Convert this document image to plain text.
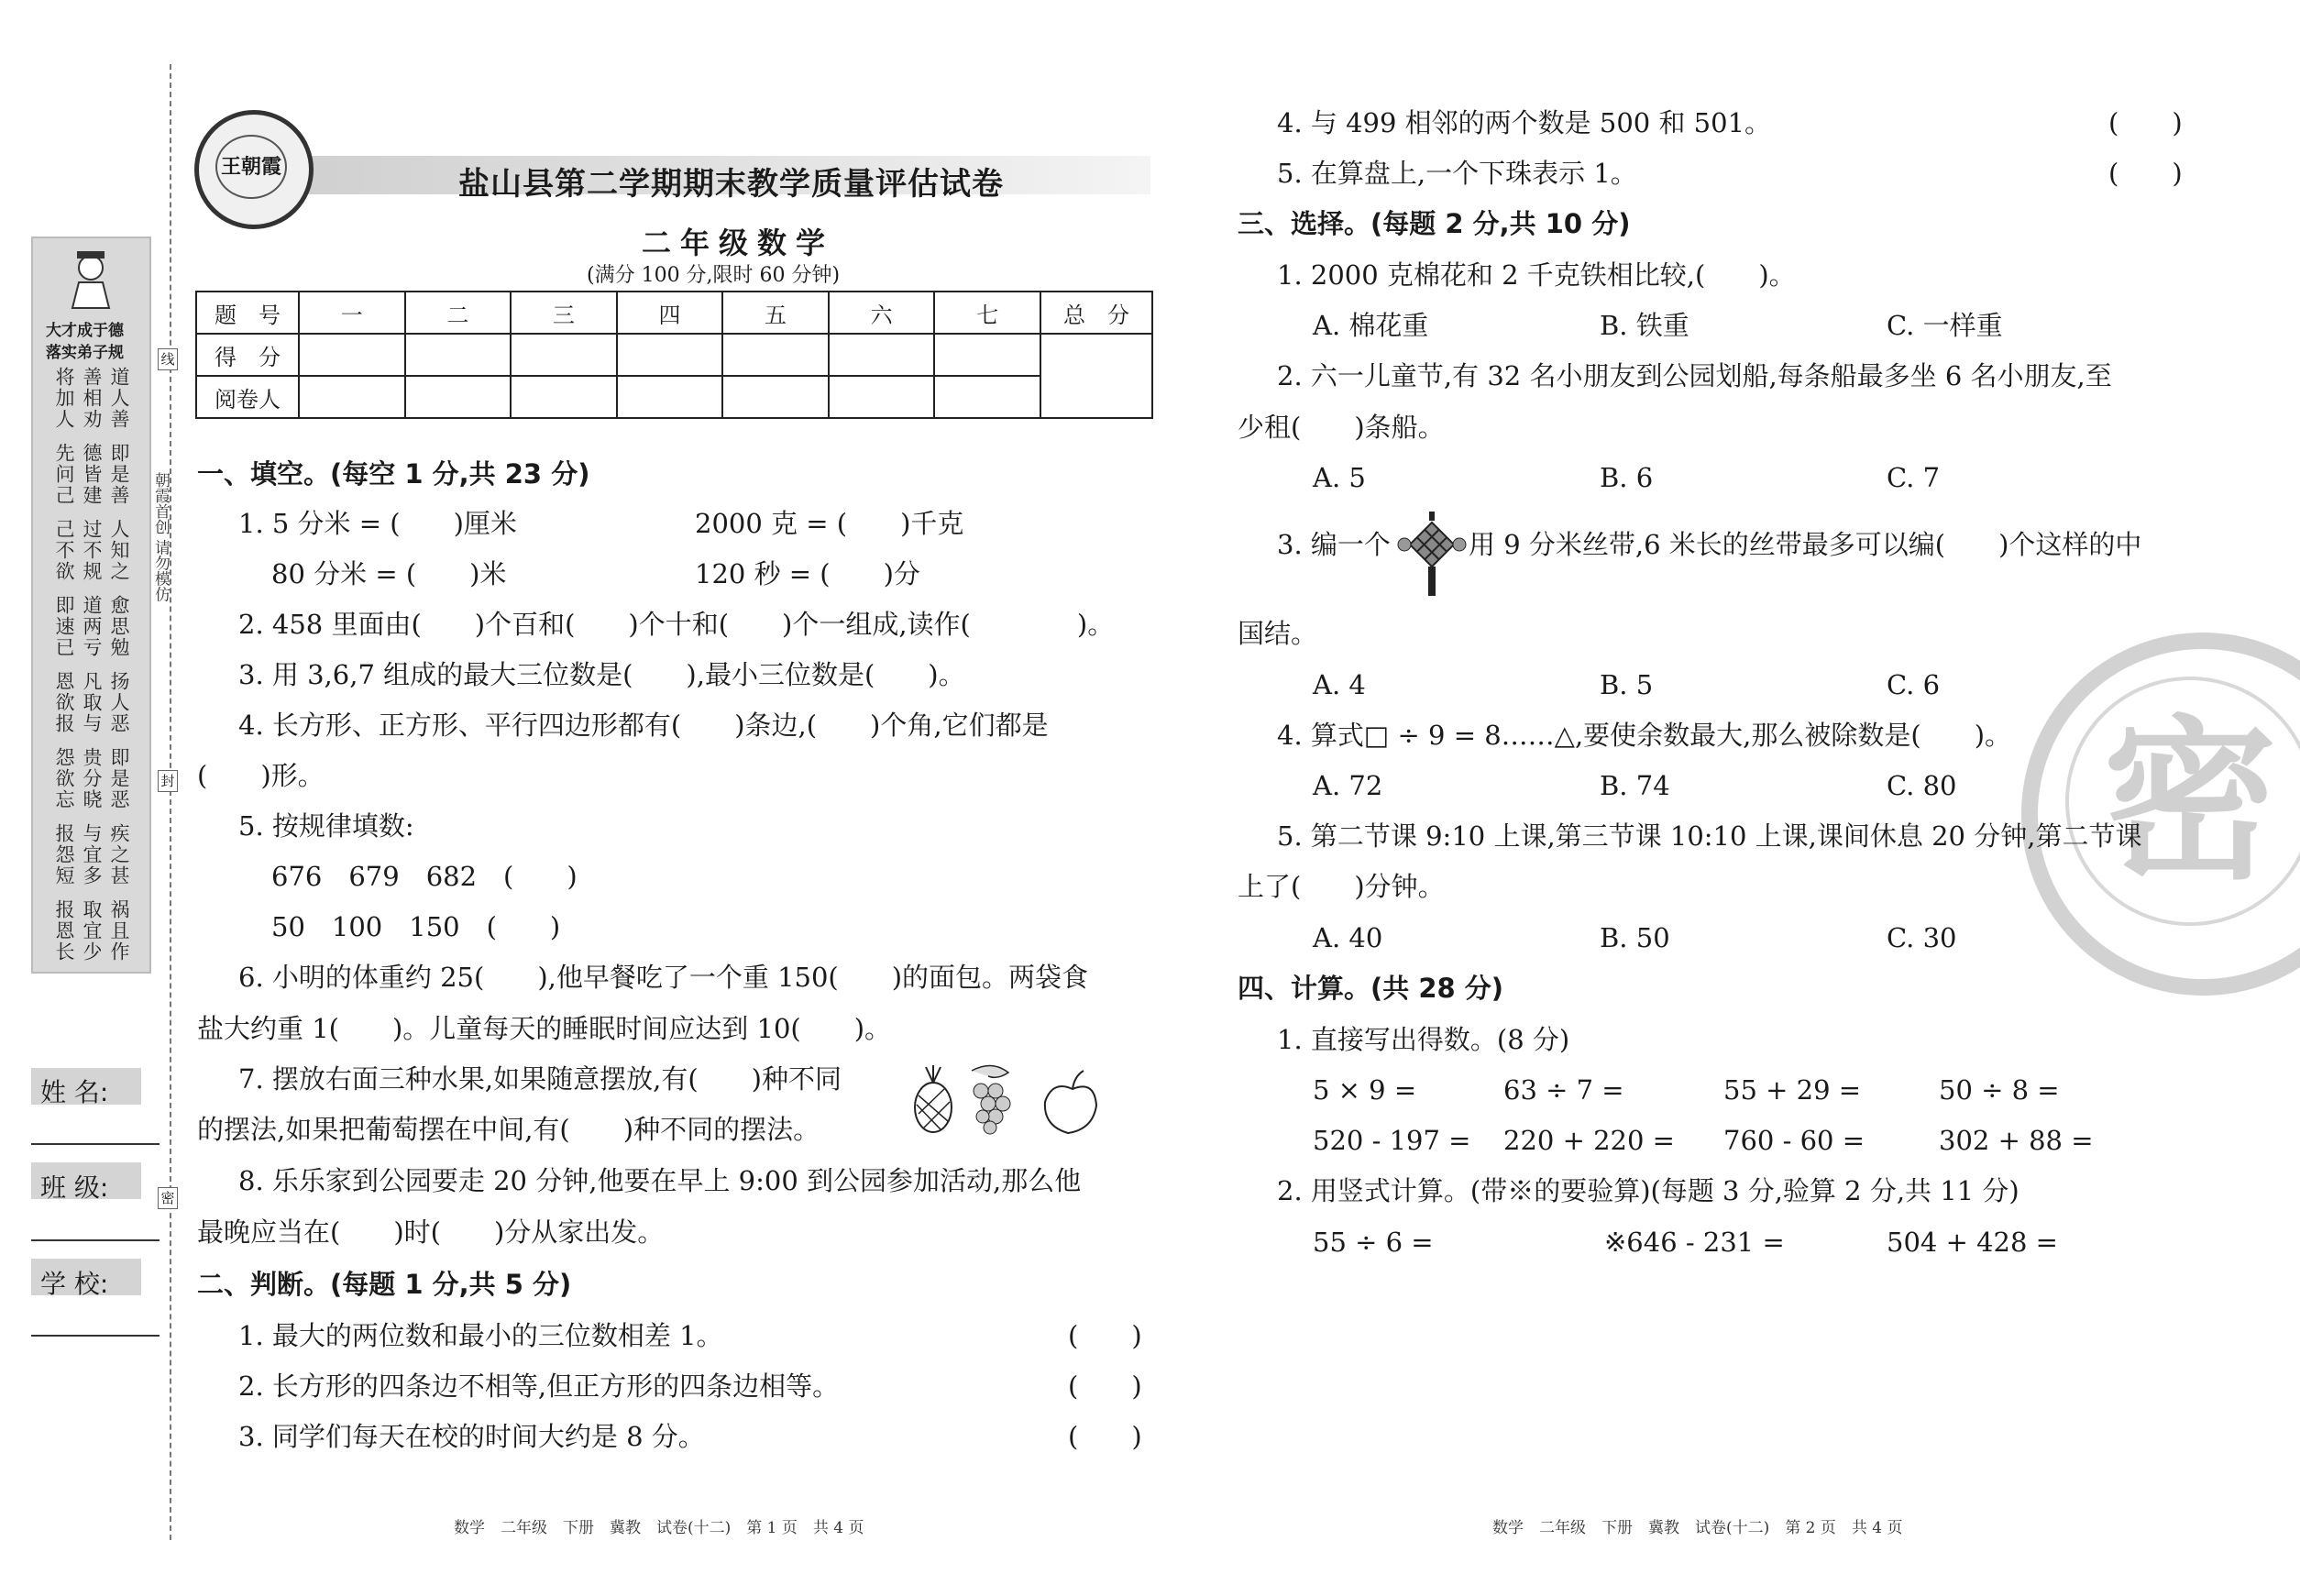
大才成于德
落实弟子规
将加人 善相劝 道人善
先问己 德皆建 即是善
己不欲 过不规 人知之
即速已 道两亏 愈思勉
恩欲报 凡取与 扬人恶
怨欲忘 贵分晓 即是恶
报怨短 与宜多 疾之甚
报恩长 取宜少 祸且作
朝霞首创 请勿模仿
线
封
密
姓 名:
班 级:
学 校:
王朝霞	盐山县第二学期期末教学质量评估试卷
二年级数学
(满分 100 分,限时 60 分钟)
题　号	一	二	三	四	五	六	七	总　分
得　分								
阅卷人								
一、填空。(每空 1 分,共 23 分)
1. 5 分米 = (　　)厘米	2000 克 = (　　)千克
80 分米 = (　　)米	120 秒 = (　　)分
2. 458 里面由(　　)个百和(　　)个十和(　　)个一组成,读作(　　　　)。
3. 用 3,6,7 组成的最大三位数是(　　),最小三位数是(　　)。
4. 长方形、正方形、平行四边形都有(　　)条边,(　　)个角,它们都是
(　　)形。
5. 按规律填数:
676　679　682　(　　)
50　100　150　(　　)
6. 小明的体重约 25(　　),他早餐吃了一个重 150(　　)的面包。两袋食
盐大约重 1(　　)。儿童每天的睡眠时间应达到 10(　　)。
7. 摆放右面三种水果,如果随意摆放,有(　　)种不同
的摆法,如果把葡萄摆在中间,有(　　)种不同的摆法。
8. 乐乐家到公园要走 20 分钟,他要在早上 9:00 到公园参加活动,那么他
最晚应当在(　　)时(　　)分从家出发。
二、判断。(每题 1 分,共 5 分)
1. 最大的两位数和最小的三位数相差 1。	(　　)
2. 长方形的四条边不相等,但正方形的四条边相等。	(　　)
3. 同学们每天在校的时间大约是 8 分。	(　　)
数学　二年级　下册　冀教　试卷(十二)　第 1 页　共 4 页
密
4. 与 499 相邻的两个数是 500 和 501。	(　　)
5. 在算盘上,一个下珠表示 1。	(　　)
三、选择。(每题 2 分,共 10 分)
1. 2000 克棉花和 2 千克铁相比较,(　　)。
A. 棉花重	B. 铁重	C. 一样重
2. 六一儿童节,有 32 名小朋友到公园划船,每条船最多坐 6 名小朋友,至
少租(　　)条船。
A. 5	B. 6	C. 7
3. 编一个	用 9 分米丝带,6 米长的丝带最多可以编(　　)个这样的中
国结。
A. 4	B. 5	C. 6
4. 算式□ ÷ 9 = 8……△,要使余数最大,那么被除数是(　　)。
A. 72	B. 74	C. 80
5. 第二节课 9:10 上课,第三节课 10:10 上课,课间休息 20 分钟,第二节课
上了(　　)分钟。
A. 40	B. 50	C. 30
四、计算。(共 28 分)
1. 直接写出得数。(8 分)
5 × 9 =	63 ÷ 7 =	55 + 29 =	50 ÷ 8 =
520 - 197 = 220 + 220 = 760 - 60 =	302 + 88 =
2. 用竖式计算。(带※的要验算)(每题 3 分,验算 2 分,共 11 分)
55 ÷ 6 =	※646 - 231 =	504 + 428 =
数学　二年级　下册　冀教　试卷(十二)　第 2 页　共 4 页
